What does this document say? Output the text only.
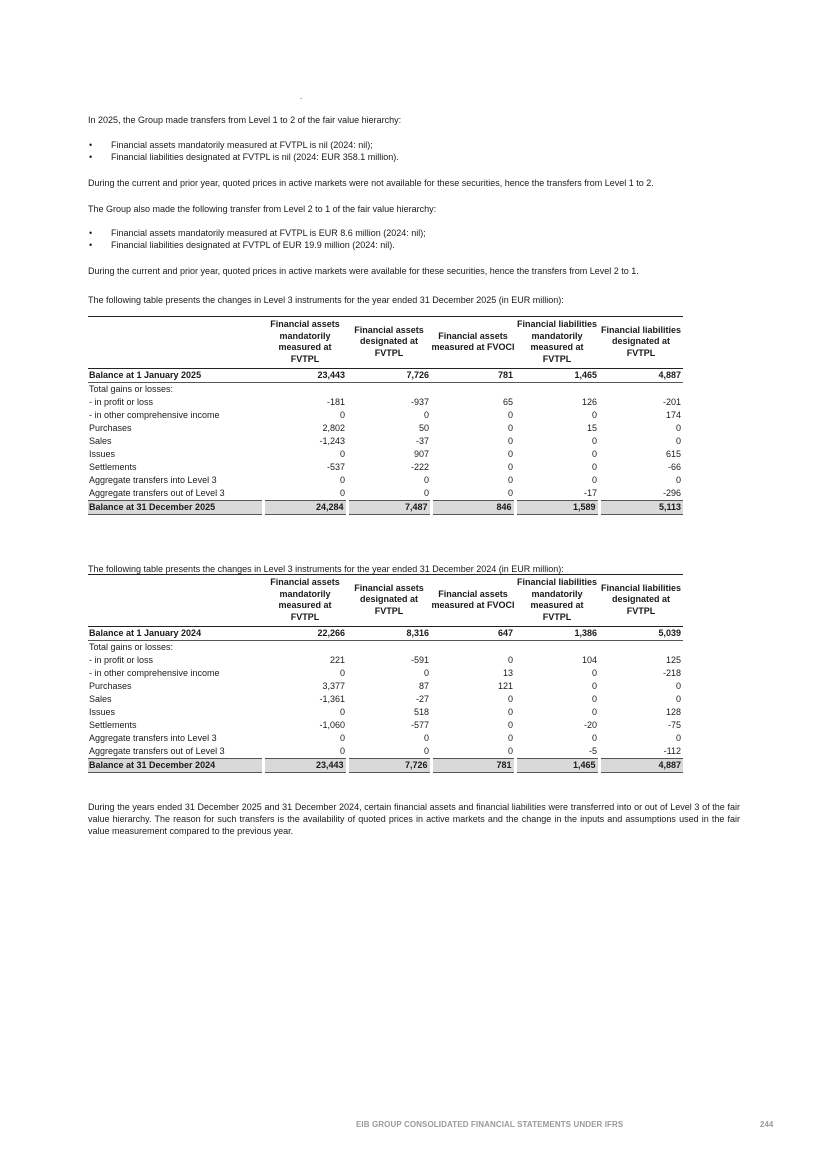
.

In 2025, the Group made transfers from Level 1 to 2 of the fair value hierarchy:

• Financial assets mandatorily measured at FVTPL is nil (2024: nil);
• Financial liabilities designated at FVTPL is nil (2024: EUR 358.1 million).

During the current and prior year, quoted prices in active markets were not available for these securities, hence the transfers from Level 1 to 2.

The Group also made the following transfer from Level 2 to 1 of the fair value hierarchy:

• Financial assets mandatorily measured at FVTPL is EUR 8.6 million (2024: nil);
• Financial liabilities designated at FVTPL of EUR 19.9 million (2024: nil).

During the current and prior year, quoted prices in active markets were available for these securities, hence the transfers from Level 2 to 1.

The following table presents the changes in Level 3 instruments for the year ended 31 December 2025 (in EUR million):

	Financial assets mandatorily measured at FVTPL	Financial assets designated at FVTPL	Financial assets measured at FVOCI	Financial liabilities mandatorily measured at FVTPL	Financial liabilities designated at FVTPL
Balance at 1 January 2025	23,443	7,726	781	1,465	4,887
Total gains or losses:					
- in profit or loss	-181	-937	65	126	-201
- in other comprehensive income	0	0	0	0	174
Purchases	2,802	50	0	15	0
Sales	-1,243	-37	0	0	0
Issues	0	907	0	0	615
Settlements	-537	-222	0	0	-66
Aggregate transfers into Level 3	0	0	0	0	0
Aggregate transfers out of Level 3	0	0	0	-17	-296
Balance at 31 December 2025	24,284	7,487	846	1,589	5,113

The following table presents the changes in Level 3 instruments for the year ended 31 December 2024 (in EUR million):

	Financial assets mandatorily measured at FVTPL	Financial assets designated at FVTPL	Financial assets measured at FVOCI	Financial liabilities mandatorily measured at FVTPL	Financial liabilities designated at FVTPL
Balance at 1 January 2024	22,266	8,316	647	1,386	5,039
Total gains or losses:					
- in profit or loss	221	-591	0	104	125
- in other comprehensive income	0	0	13	0	-218
Purchases	3,377	87	121	0	0
Sales	-1,361	-27	0	0	0
Issues	0	518	0	0	128
Settlements	-1,060	-577	0	-20	-75
Aggregate transfers into Level 3	0	0	0	0	0
Aggregate transfers out of Level 3	0	0	0	-5	-112
Balance at 31 December 2024	23,443	7,726	781	1,465	4,887

During the years ended 31 December 2025 and 31 December 2024, certain financial assets and financial liabilities were transferred into or out of Level 3 of the fair value hierarchy. The reason for such transfers is the availability of quoted prices in active markets and the change in the inputs and assumptions used in the fair value measurement compared to the previous year.

EIB GROUP CONSOLIDATED FINANCIAL STATEMENTS UNDER IFRS	244
